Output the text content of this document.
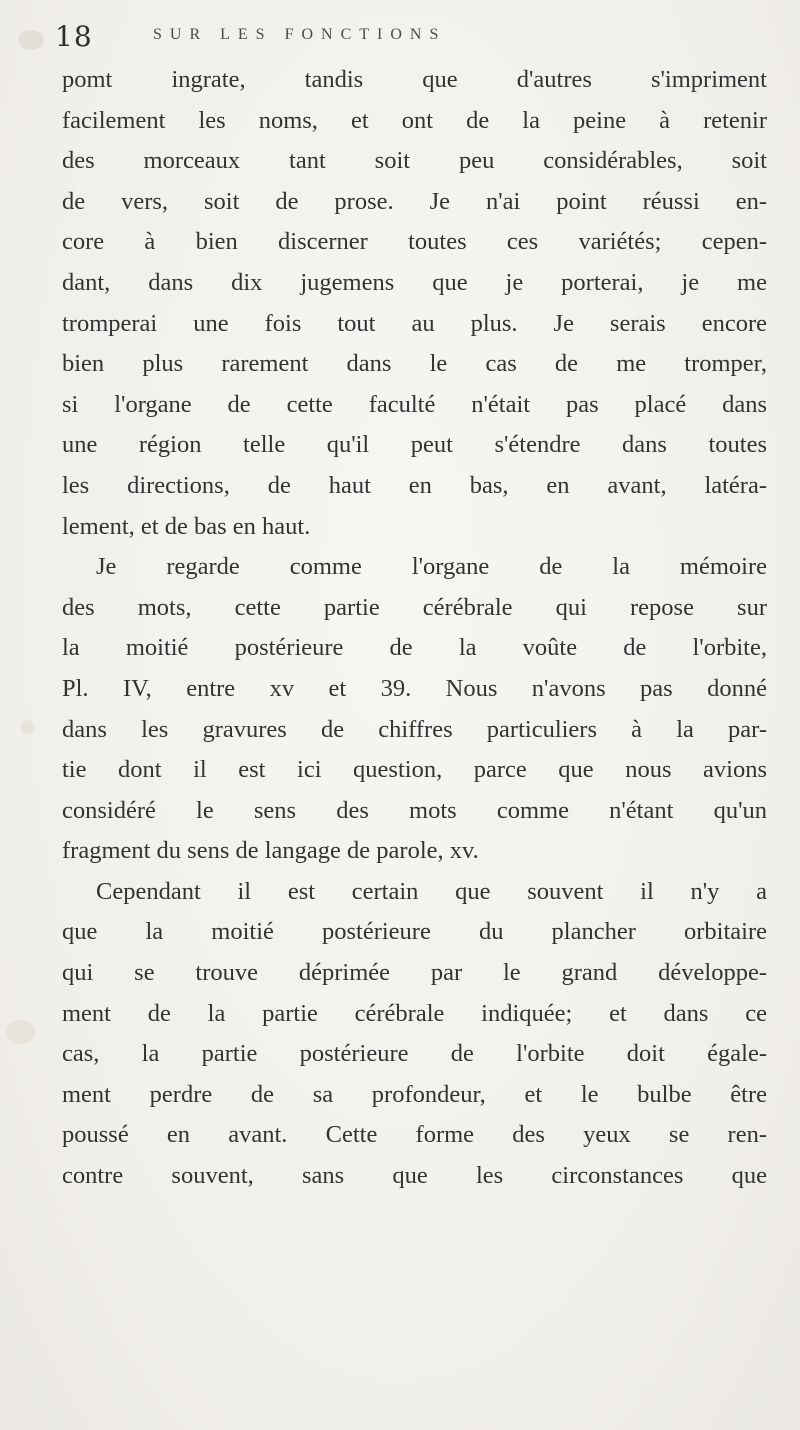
18	SUR LES FONCTIONS
pomt ingrate, tandis que d'autres s'impriment
facilement les noms, et ont de la peine à retenir
des morceaux tant soit peu considérables, soit
de vers, soit de prose. Je n'ai point réussi en-
core à bien discerner toutes ces variétés; cepen-
dant, dans dix jugemens que je porterai, je me
tromperai une fois tout au plus. Je serais encore
bien plus rarement dans le cas de me tromper,
si l'organe de cette faculté n'était pas placé dans
une région telle qu'il peut s'étendre dans toutes
les directions, de haut en bas, en avant, latéra-
lement, et de bas en haut.
Je regarde comme l'organe de la mémoire
des mots, cette partie cérébrale qui repose sur
la moitié postérieure de la voûte de l'orbite,
Pl. IV, entre xv et 39. Nous n'avons pas donné
dans les gravures de chiffres particuliers à la par-
tie dont il est ici question, parce que nous avions
considéré le sens des mots comme n'étant qu'un
fragment du sens de langage de parole, xv.
Cependant il est certain que souvent il n'y a
que la moitié postérieure du plancher orbitaire
qui se trouve déprimée par le grand développe-
ment de la partie cérébrale indiquée; et dans ce
cas, la partie postérieure de l'orbite doit égale-
ment perdre de sa profondeur, et le bulbe être
poussé en avant. Cette forme des yeux se ren-
contre souvent, sans que les circonstances que
